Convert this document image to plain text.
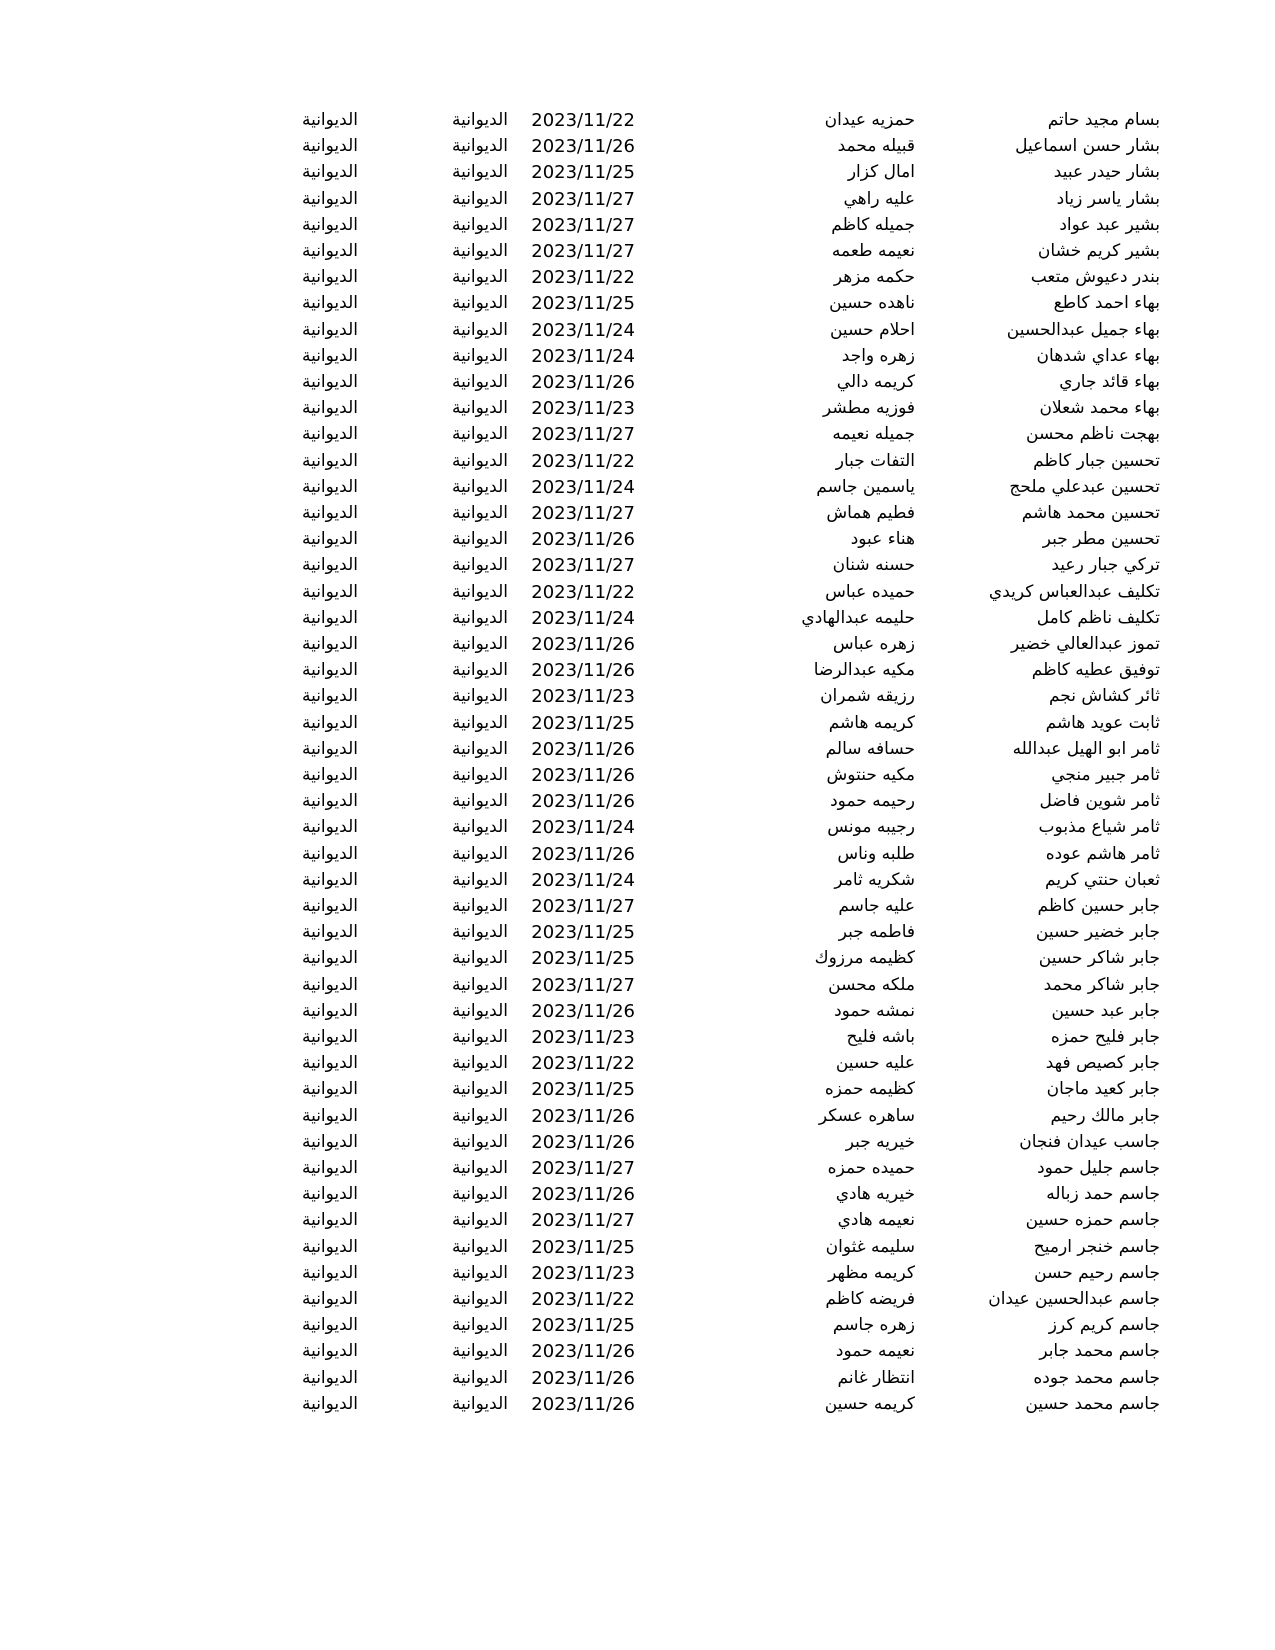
بسام مجيد حاتم
حمزيه عيدان
2023/11/22
الديوانية
الديوانية
بشار حسن اسماعيل
قبيله محمد
2023/11/26
الديوانية
الديوانية
بشار حيدر عبيد
امال كزار
2023/11/25
الديوانية
الديوانية
بشار ياسر زياد
عليه راهي
2023/11/27
الديوانية
الديوانية
بشير عبد عواد
جميله كاظم
2023/11/27
الديوانية
الديوانية
بشير كريم خشان
نعيمه طعمه
2023/11/27
الديوانية
الديوانية
بندر دعيوش متعب
حكمه مزهر
2023/11/22
الديوانية
الديوانية
بهاء احمد كاطع
ناهده حسين
2023/11/25
الديوانية
الديوانية
بهاء جميل عبدالحسين
احلام حسين
2023/11/24
الديوانية
الديوانية
بهاء عداي شدهان
زهره واجد
2023/11/24
الديوانية
الديوانية
بهاء قائد جاري
كريمه دالي
2023/11/26
الديوانية
الديوانية
بهاء محمد شعلان
فوزيه مطشر
2023/11/23
الديوانية
الديوانية
بهجت ناظم محسن
جميله نعيمه
2023/11/27
الديوانية
الديوانية
تحسين جبار كاظم
التفات جبار
2023/11/22
الديوانية
الديوانية
تحسين عبدعلي ملحج
ياسمين جاسم
2023/11/24
الديوانية
الديوانية
تحسين محمد هاشم
فطيم هماش
2023/11/27
الديوانية
الديوانية
تحسين مطر جبر
هناء عبود
2023/11/26
الديوانية
الديوانية
تركي جبار رعيد
حسنه شنان
2023/11/27
الديوانية
الديوانية
تكليف عبدالعباس كريدي
حميده عباس
2023/11/22
الديوانية
الديوانية
تكليف ناظم كامل
حليمه عبدالهادي
2023/11/24
الديوانية
الديوانية
تموز عبدالعالي خضير
زهره عباس
2023/11/26
الديوانية
الديوانية
توفيق عطيه كاظم
مكيه عبدالرضا
2023/11/26
الديوانية
الديوانية
ثائر كشاش نجم
رزيقه شمران
2023/11/23
الديوانية
الديوانية
ثابت عويد هاشم
كريمه هاشم
2023/11/25
الديوانية
الديوانية
ثامر ابو الهيل عبدالله
حسافه سالم
2023/11/26
الديوانية
الديوانية
ثامر جبير منجي
مكيه حنتوش
2023/11/26
الديوانية
الديوانية
ثامر شوين فاضل
رحيمه حمود
2023/11/26
الديوانية
الديوانية
ثامر شياع مذبوب
رجيبه مونس
2023/11/24
الديوانية
الديوانية
ثامر هاشم عوده
طلبه وناس
2023/11/26
الديوانية
الديوانية
ثعبان حنتي كريم
شكريه ثامر
2023/11/24
الديوانية
الديوانية
جابر حسين كاظم
عليه جاسم
2023/11/27
الديوانية
الديوانية
جابر خضير حسين
فاطمه جبر
2023/11/25
الديوانية
الديوانية
جابر شاكر حسين
كظيمه مرزوك
2023/11/25
الديوانية
الديوانية
جابر شاكر محمد
ملكه محسن
2023/11/27
الديوانية
الديوانية
جابر عبد حسين
نمشه حمود
2023/11/26
الديوانية
الديوانية
جابر فليح حمزه
باشه فليح
2023/11/23
الديوانية
الديوانية
جابر كصيص فهد
عليه حسين
2023/11/22
الديوانية
الديوانية
جابر كعيد ماجان
كظيمه حمزه
2023/11/25
الديوانية
الديوانية
جابر مالك رحيم
ساهره عسكر
2023/11/26
الديوانية
الديوانية
جاسب عيدان فنجان
خيريه جبر
2023/11/26
الديوانية
الديوانية
جاسم جليل حمود
حميده حمزه
2023/11/27
الديوانية
الديوانية
جاسم حمد زباله
خيريه هادي
2023/11/26
الديوانية
الديوانية
جاسم حمزه حسين
نعيمه هادي
2023/11/27
الديوانية
الديوانية
جاسم خنجر ارميح
سليمه غثوان
2023/11/25
الديوانية
الديوانية
جاسم رحيم حسن
كريمه مظهر
2023/11/23
الديوانية
الديوانية
جاسم عبدالحسين عيدان
فريضه كاظم
2023/11/22
الديوانية
الديوانية
جاسم كريم كرز
زهره جاسم
2023/11/25
الديوانية
الديوانية
جاسم محمد جابر
نعيمه حمود
2023/11/26
الديوانية
الديوانية
جاسم محمد جوده
انتظار غانم
2023/11/26
الديوانية
الديوانية
جاسم محمد حسين
كريمه حسين
2023/11/26
الديوانية
الديوانية
